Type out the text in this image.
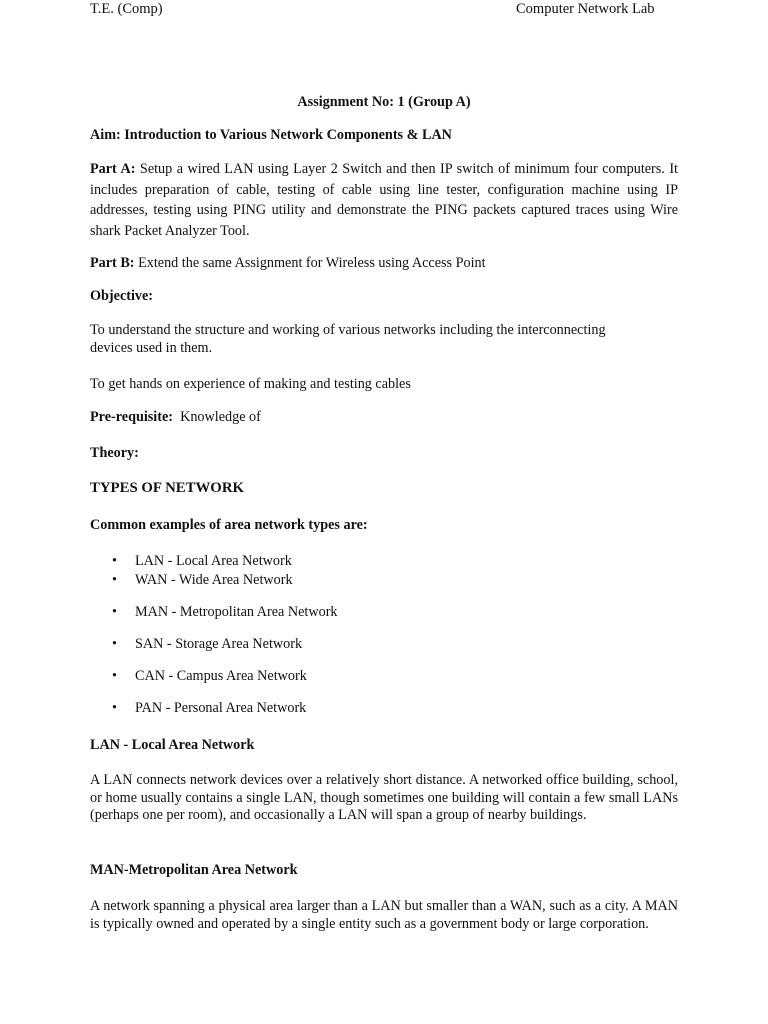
T.E. (Comp)	Computer Network Lab
Assignment No: 1 (Group A)
Aim: Introduction to Various Network Components & LAN
Part A: Setup a wired LAN using Layer 2 Switch and then IP switch of minimum four computers. It includes preparation of cable, testing of cable using line tester, configuration machine using IP addresses, testing using PING utility and demonstrate the PING packets captured traces using Wire shark Packet Analyzer Tool.
Part B: Extend the same Assignment for Wireless using Access Point
Objective:
To understand the structure and working of various networks including the interconnecting devices used in them.
To get hands on experience of making and testing cables
Pre-requisite:  Knowledge of
Theory:
TYPES OF NETWORK
Common examples of area network types are:
• LAN - Local Area Network
• WAN - Wide Area Network
• MAN - Metropolitan Area Network
• SAN - Storage Area Network
• CAN - Campus Area Network
• PAN - Personal Area Network
LAN - Local Area Network
A LAN connects network devices over a relatively short distance. A networked office building, school, or home usually contains a single LAN, though sometimes one building will contain a few small LANs (perhaps one per room), and occasionally a LAN will span a group of nearby buildings.
MAN-Metropolitan Area Network
A network spanning a physical area larger than a LAN but smaller than a WAN, such as a city. A MAN is typically owned and operated by a single entity such as a government body or large corporation.
